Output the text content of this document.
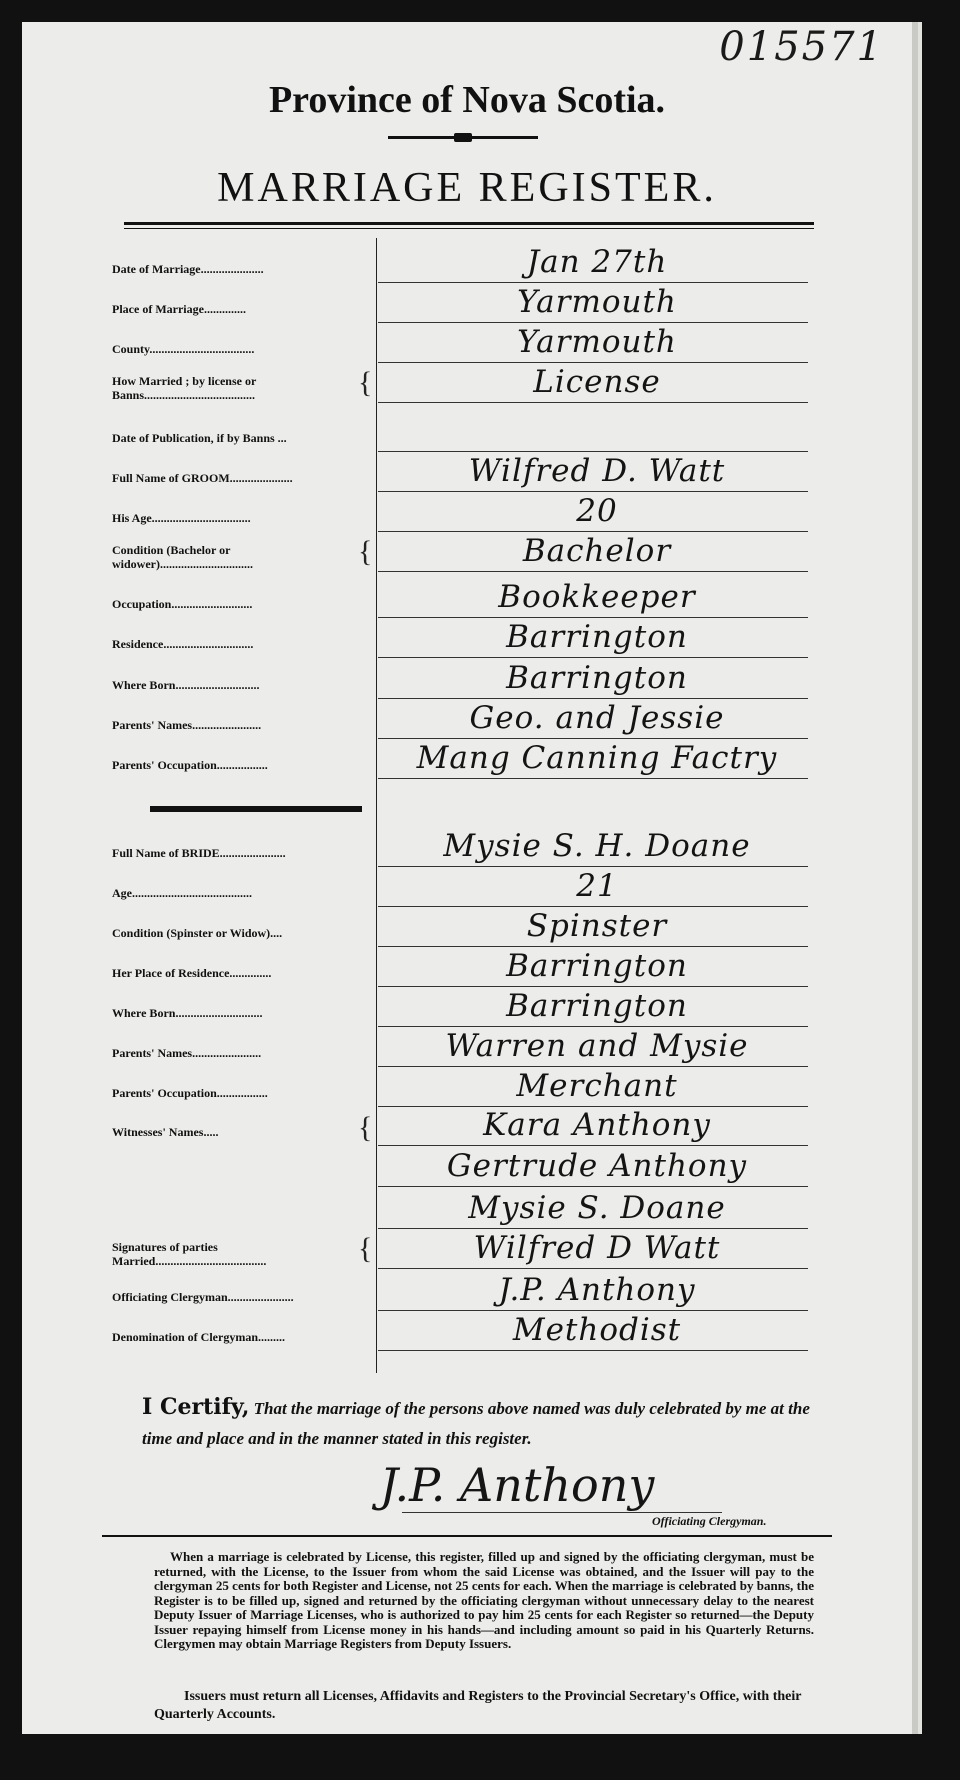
015571
Province of Nova Scotia.
MARRIAGE REGISTER.
Date of Marriage.....................	Jan 27th
Place of Marriage..............	Yarmouth
County...................................	Yarmouth
How Married ; by license or
Banns.....................................	{	License
Date of Publication, if by Banns ...
Full Name of GROOM.....................	Wilfred D. Watt
His Age.................................	20
Condition (Bachelor or
widower)...............................	{	Bachelor
Occupation...........................	Bookkeeper
Residence..............................	Barrington
Where Born............................	Barrington
Parents' Names.......................	Geo. and Jessie
Parents' Occupation.................	Mang Canning Factry
Full Name of BRIDE......................	Mysie S. H. Doane
Age........................................	21
Condition (Spinster or Widow)....	Spinster
Her Place of Residence..............	Barrington
Where Born.............................	Barrington
Parents' Names.......................	Warren and Mysie
Parents' Occupation.................	Merchant
Witnesses' Names.....	{	Kara Anthony
Gertrude Anthony
Mysie S. Doane
Signatures of parties
Married.....................................	{	Wilfred D Watt
Officiating Clergyman......................	J.P. Anthony
Denomination of Clergyman.........	Methodist
I Certify, That the marriage of the persons above named was duly celebrated by me at the time and place and in the manner stated in this register.
J.P. Anthony
Officiating Clergyman.
When a marriage is celebrated by License, this register, filled up and signed by the officiating clergyman, must be returned, with the License, to the Issuer from whom the said License was obtained, and the Issuer will pay to the clergyman 25 cents for both Register and License, not 25 cents for each. When the marriage is celebrated by banns, the Register is to be filled up, signed and returned by the officiating clergyman without unnecessary delay to the nearest Deputy Issuer of Marriage Licenses, who is authorized to pay him 25 cents for each Register so returned—the Deputy Issuer repaying himself from License money in his hands—and including amount so paid in his Quarterly Returns. Clergymen may obtain Marriage Registers from Deputy Issuers.
Issuers must return all Licenses, Affidavits and Registers to the Provincial Secretary's Office, with their Quarterly Accounts.
